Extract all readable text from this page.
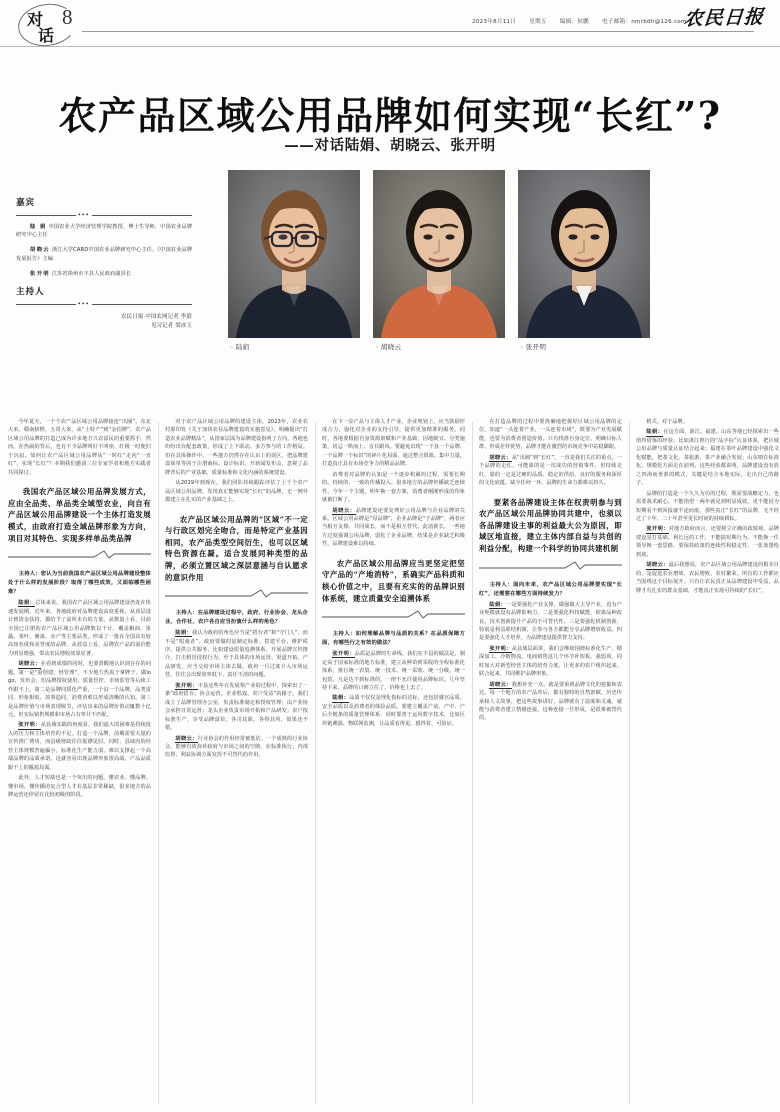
对
话
8	2023年8月11日 星期五 编辑：侯鹏 电子邮箱：nmrbdh@126.com
农民日报
农产品区域公用品牌如何实现“长红”?
——对话陆娟、胡晓云、张开明
嘉宾
•••

陆 娟 中国农业大学经济管理学院教授、博士生导师，中国农业品牌研究中心主任

胡晓云 浙江大学CARD中国农业品牌研究中心主任，《中国农业品牌发展报告》主编

张开明 江苏省徐州市丰县人民政府副县长

主持人
•••
农民日报·中国农网记者 李婧
见习记者 梁冰玉
◦ 陆娟	◦ 胡晓云	◦ 张开明

今年夏天，一个个农产品区域公用品牌接连“出圈”。东北大米、赣南脐橙、五常大米，从“土特产”到“金招牌”，农产品区域公用品牌的打造已成为许多地方兴农富民的重要抓手。然而，在热闹的背后，也有不少品牌叫好不叫座、红极一时便归于沉寂。如何让农产品区域公用品牌从“一时红”走向“一直红”，实现“长红”？本期我们邀请三位专家学者和地方实践者共同探讨。

我国农产品区域公用品牌发展方式，应由全品类、单品类全域型农业，向自有产品区域公用品牌建设一个主体打造发展模式，由政府打造全域品牌形象为方向，项目对其特色、实现多样单品类品牌

主持人：您认为当前我国农产品区域公用品牌建设整体处于什么样的发展阶段？取得了哪些成效，又面临哪些困难？

陆娟：总体来说，我国农产品区域公用品牌建设仍处在快速发展期。近年来，各地政府对品牌建设高度重视，从顶层设计到资金扶持，都给予了前所未有的力量。从数量上看，目前全国已注册的农产品区域公用品牌数以千计，覆盖粮油、果蔬、茶叶、畜禽、水产等主要品类，形成了一批在全国具有较高知名度和美誉度的品牌。从效益上看，品牌农产品的溢价能力明显增强，带动农民增收效果显著。

胡晓云：在看到成绩的同时，也要清醒地认识到存在的问题。第一是“重创建、轻管理”，不少地方热衷于拿牌子、做logo、发布会，但品牌授权使用、质量管控、市场监管等后续工作跟不上。第二是品牌同质化严重，一个县一个品牌，品类雷同、形象相似、故事趋同，消费者难以形成清晰的认知。第三是品牌价值与市场表现脱节，评估出来的品牌价值动辄数十亿元，但实际销售规模和市场占有率并不匹配。

张开明：从县域实践的角度看，我们最大的困难是持续投入的压力和主体培育的不足。打造一个品牌，前期需要大量的宣传推广费用，而县级财政往往捉襟见肘。同时，县域内的经营主体规模普遍偏小，标准化生产能力弱，难以支撑起一个高端品牌的品质承诺。这就容易出现品牌形象很高端、产品品质跟不上的尴尬局面。

此外，人才短缺也是一个突出的问题。懂农业、懂品牌、懂市场、懂传播的复合型人才在基层非常稀缺，很多地方的品牌运营还停留在比较初级的阶段。

对于农产品区域公用品牌的建设主体，2023年，农业农村部印发《关于加快农业品牌建设的实施意见》，明确提出“打造农业品牌精品”，从国家层面为品牌建设指明了方向。各地也纷纷出台配套政策，形成了上下联动、多方参与的工作格局。但在具体操作中，一些地方仍然存在认识上的误区，把品牌建设简单等同于注册商标、设计标识、开新闻发布会，忽视了品牌背后的产业基础、质量标准和文化内涵的系统建设。

从2019年到现在，我们团队持续跟踪评估了上千个农产品区域公用品牌，发现真正能够实现“长红”的品牌，无一例外都建立在扎实的产业基础之上。

农产品区域公用品牌的“区域”不一定与行政区划完全吻合，而是特定产业基因相同，农产品类型空间衍生，也可以区域特色资源在凝。适合发展同种类型的品牌，必须立置区域之深层意涵与自认愿求的意识作用

主持人：在品牌建设过程中，政府、行业协会、龙头企业、合作社、农户各自应当扮演什么样的角色？

陆娟：我认为政府的角色应当是“搭台者”和“守门人”，而不是“唱戏者”。政府要做的是制定标准、搭建平台、维护秩序、提供公共服务，比如建设质量追溯体系、开展品牌宣传推介、打击假冒侵权行为。至于具体的市场运营、渠道开拓、产品研发，应当交给市场主体去做。政府一旦过度介入市场运营，往往会出现效率低下、责任不清的问题。

张开明：丰县这些年在发展梨产业的过程中，探索出了一条“政府搭台、协会运营、企业唱戏、农户受益”的路子。我们成立了品牌管理办公室，负责标准制定和授权管理；由产业协会承担日常运营；龙头企业负责市场开拓和产品研发；农户按标准生产，享受品牌溢价。各司其职、各得其所，效果还不错。

胡晓云：行业协会的作用经常被低估。一个成熟的行业协会，能够有效弥补政府与市场之间的空隙，在标准执行、内部监督、利益协调方面发挥不可替代的作用。

在下一步产品与主体人才产业、企业规划上，应当鼓励形成合力，强化对企业的支持引导，提供更加精准的服务。同时，各地要根据自身资源禀赋和产业基础，因地制宜、分类施策，切忌一哄而上、盲目跟风。要避免出现“一个县一个品牌、一个品牌一个标识”的碎片化局面，通过整合资源、集中力量，打造真正具有市场竞争力的精品品牌。

消费者对品牌的认知是一个逐步积累的过程，需要长期的、持续的、一致的传播投入。很多地方的品牌传播缺乏连续性，今年一个主题，明年换一套方案，消费者刚刚形成的印象就被打断了。

胡晓云：品牌建设还要处理好公用品牌与企业品牌的关系。区域公用品牌是“母品牌”，企业品牌是“子品牌”，两者应当相互支撑、共同成长，而不是相互替代、此消彼长。一些地方过度强调公用品牌，弱化了企业品牌，结果是企业缺乏积极性，品牌建设难以持续。

农产品区域公用品牌应当更坚定把坚守产品的“产地消特”，系确实产品科质和核心价值之中，且要有充实的的品牌识别体系统，建立质量安全追溯体系

主持人：如何理解品牌与品质的关系？在品质保障方面，有哪些行之有效的做法？

张开明：品质是品牌的生命线。我们在丰县的做法是，制定高于国家标准的地方标准，建立从种苗到采收的全程标准化体系，推行统一农资、统一技术、统一采收、统一分级、统一包装。凡是达不到标准的，一律不允许使用品牌标识。几年坚持下来，品牌的口碑立住了，价格也上去了。

陆娟：品质不仅仅是理化指标的达标，还包括感官品质、安全品质以及消费者的体验品质。要建立覆盖产前、产中、产后全链条的质量管理体系，同时要善于运用数字技术，比如区块链溯源、物联网监测，让品质看得见、摸得着、可验证。

在打造品牌的过程中要准确地把握好区域公用品牌的定位，知道“一头连着产业、一头连着市场”，既要为产业发展赋能，也要为消费者创造价值。只有找准自身定位、明确目标人群、形成差异优势，品牌才能在激烈的市场竞争中站稳脚跟。

胡晓云：从“出圈”到“长红”，一直是我们关注的重点。一个品牌的走红，可能靠的是一次成功的营销事件，但持续走红，靠的一定是过硬的品质、稳定的供给、良好的服务和深厚的文化底蕴。缺少任何一环，品牌的生命力都难以持久。

要紧各品牌建设主体在权责明参与到农产品区域公用品牌协同共建中，也须以各品牌建设主事的利益最大公为原因，即域区地直接，建立主体内部自益与共创的利益分配，构建一个科学的协同共建机制

主持人：面向未来，农产品区域公用品牌要实现“长红”，还需要在哪些方面持续发力？

陆娟：一是要强化产业支撑，做强做大主导产业，没有产业规模就没有品牌影响力。二是要强化科技赋能，依靠品种改良、技术创新提升产品的不可替代性。三是要强化机制创新，特别是利益联结机制，让参与各方都能分享品牌增值收益。四是要强化人才培养，为品牌建设提供智力支持。

张开明：从县域层面讲，我们会继续围绕标准化生产、精深加工、冷链物流、电商销售这几个环节补短板、强弱项，同时加大对新型经营主体的培育力度，让更多的农户组织起来、联合起来，共同维护品牌形象。

胡晓云：我想补充一点，就是要重视品牌文化的挖掘和表达。每一个地方的农产品背后，都有独特的自然禀赋、历史传承和人文故事。把这些故事讲好，品牌就有了温度和灵魂，就能与消费者建立情感连接。这种连接一旦形成，是很难被替代的。

格式，对于品牌。

陆娟：在这方面，浙江、福建、山东等地已经探索出一些值得借鉴的经验。比如浙江推行的“品字标”认证体系，把区域公用品牌与质量认证结合起来；福建在茶叶品牌建设中强化文化赋能，把茶文化、茶旅游、茶产业融合发展；山东则在标准化、规模化方面走在前列。这些经验都说明，品牌建设没有放之四海而皆准的模式，关键是结合本地实际，走出自己的路子。

品牌的打造是一个久久为功的过程，既需要战略定力，也需要战术耐心。不能指望一两年就见到明显成效，更不能因为短期看不到回报就半途而废。那些真正“长红”的品牌，无不经过了十年、二十年甚至更长时间的持续耕耘。

张开明：对地方政府而言，还要树立正确的政绩观。品牌建设是打基础、利长远的工作，不能搞短期行为，不能换一任领导换一套思路。要保持政策的连续性和稳定性，一张蓝图绘到底。

胡晓云：最后我想说，农产品区域公用品牌建设的根本目的，是促进农业增效、农民增收、农村繁荣。所有的工作都应当围绕这个目标展开。只有让农民真正从品牌建设中受益，品牌才有扎实的群众基础，才能真正实现可持续的“长红”。
